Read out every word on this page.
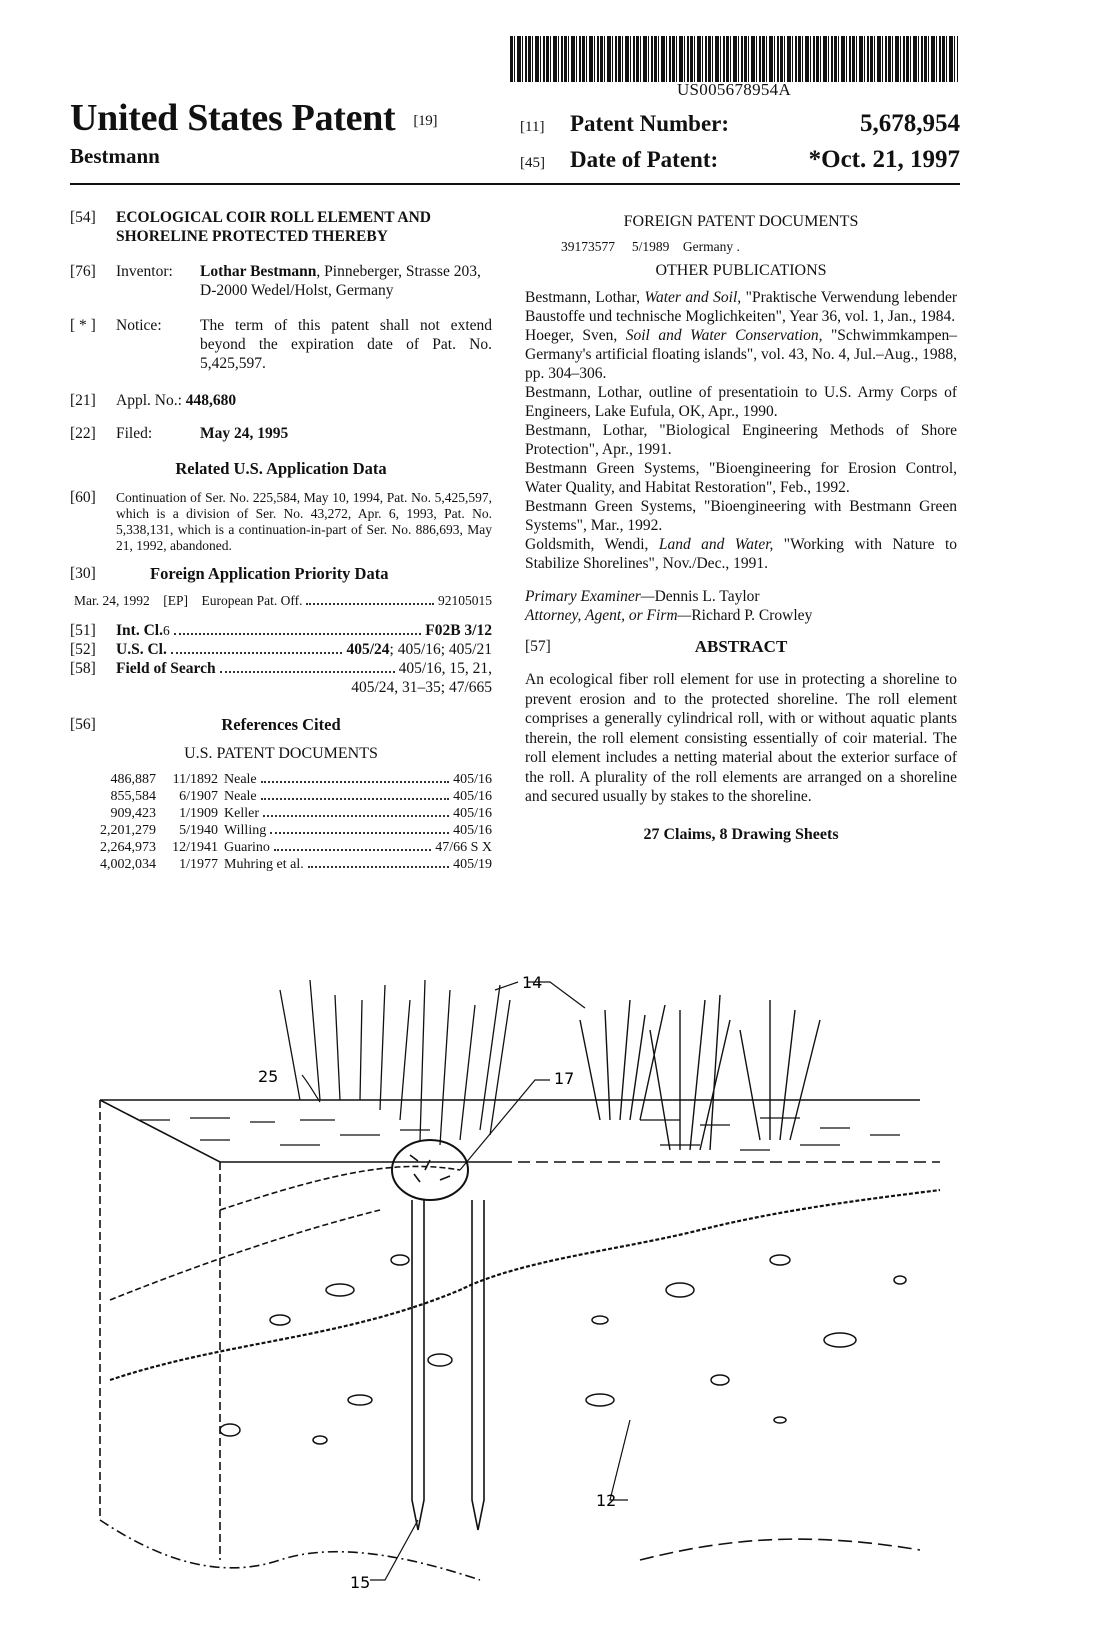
US005678954A
United States Patent [19]
Bestmann
[11]	Patent Number:	5,678,954
[45]	Date of Patent:	*Oct. 21, 1997
[54]	ECOLOGICAL COIR ROLL ELEMENT AND SHORELINE PROTECTED THEREBY
[76]	Inventor:	Lothar Bestmann, Pinneberger, Strasse 203, D-2000 Wedel/Holst, Germany
[ * ]	Notice:	The term of this patent shall not extend beyond the expiration date of Pat. No. 5,425,597.
[21]	Appl. No.:
448,680
[22]	Filed:	May 24, 1995
Related U.S. Application Data
[60]	Continuation of Ser. No. 225,584, May 10, 1994, Pat. No. 5,425,597, which is a division of Ser. No. 43,272, Apr. 6, 1993, Pat. No. 5,338,131, which is a continuation-in-part of Ser. No. 886,693, May 21, 1992, abandoned.
[30]	Foreign Application Priority Data
Mar. 24, 1992
[EP]
European Pat. Off.	92105015
[51]	Int. Cl. 6	F02B 3/12
[52]	U.S. Cl.	405/24 ; 405/16; 405/21
[58]	Field of Search	405/16, 15, 21,
405/24, 31–35; 47/665
[56]	References Cited
U.S. PATENT DOCUMENTS
486,887	11/1892	Neale 405/16

855,584	6/1907	Neale 405/16

909,423	1/1909	Keller 405/16

2,201,279	5/1940	Willing 405/16

2,264,973	12/1941	Guarino 47/66 S X

4,002,034	1/1977	Muhring et al. 405/19
FOREIGN PATENT DOCUMENTS
39173577 5/1989 Germany .
OTHER PUBLICATIONS

Bestmann, Lothar, Water and Soil, "Praktische Verwendung lebender Baustoffe und technische Moglichkeiten", Year 36, vol. 1, Jan., 1984.

Hoeger, Sven, Soil and Water Conservation, "Schwimmkampen–Germany's artificial floating islands", vol. 43, No. 4, Jul.–Aug., 1988, pp. 304–306.

Bestmann, Lothar, outline of presentatioin to U.S. Army Corps of Engineers, Lake Eufula, OK, Apr., 1990.

Bestmann, Lothar, "Biological Engineering Methods of Shore Protection", Apr., 1991.

Bestmann Green Systems, "Bioengineering for Erosion Control, Water Quality, and Habitat Restoration", Feb., 1992.

Bestmann Green Systems, "Bioengineering with Bestmann Green Systems", Mar., 1992.

Goldsmith, Wendi, Land and Water, "Working with Nature to Stabilize Shorelines", Nov./Dec., 1991.

Primary Examiner—Dennis L. Taylor
Attorney, Agent, or Firm—Richard P. Crowley
[57]	ABSTRACT
An ecological fiber roll element for use in protecting a shoreline to prevent erosion and to the protected shoreline. The roll element comprises a generally cylindrical roll, with or without aquatic plants therein, the roll element consisting essentially of coir material. The roll element includes a netting material about the exterior surface of the roll. A plurality of the roll elements are arranged on a shoreline and secured usually by stakes to the shoreline.
27 Claims, 8 Drawing Sheets
14
25	17
12
15
